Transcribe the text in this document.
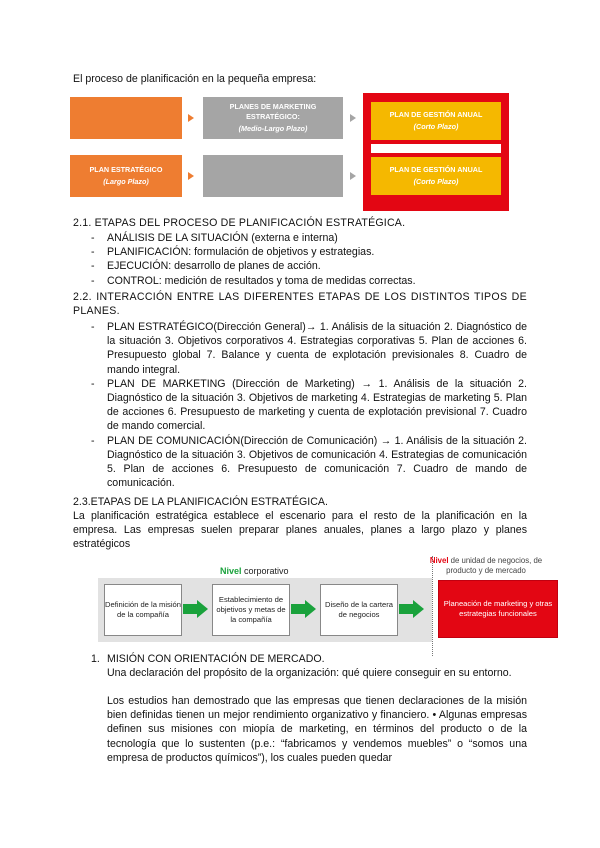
El proceso de planificación en la pequeña empresa:
PLANES DE MARKETING ESTRATÉGICO:
(Medio-Largo Plazo)
PLAN ESTRATÉGICO
(Largo Plazo)
PLAN DE GESTIÓN ANUAL
(Corto Plazo)
PLAN DE GESTIÓN ANUAL
(Corto Plazo)
2.1. ETAPAS DEL PROCESO DE PLANIFICACIÓN ESTRATÉGICA.
- ANÁLISIS DE LA SITUACIÓN (externa e interna)
- PLANIFICACIÓN: formulación de objetivos y estrategias.
- EJECUCIÓN: desarrollo de planes de acción.
- CONTROL: medición de resultados y toma de medidas correctas.
2.2. INTERACCIÓN ENTRE LAS DIFERENTES ETAPAS DE LOS DISTINTOS TIPOS DE PLANES.
- PLAN ESTRATÉGICO(Dirección General)→ 1. Análisis de la situación 2. Diagnóstico de la situación 3. Objetivos corporativos 4. Estrategias corporativas 5. Plan de acciones 6. Presupuesto global 7. Balance y cuenta de explotación previsionales 8. Cuadro de mando integral.
- PLAN DE MARKETING (Dirección de Marketing) → 1. Análisis de la situación 2. Diagnóstico de la situación 3. Objetivos de marketing 4. Estrategias de marketing 5. Plan de acciones 6. Presupuesto de marketing y cuenta de explotación previsional 7. Cuadro de mando comercial.
- PLAN DE COMUNICACIÓN(Dirección de Comunicación) → 1. Análisis de la situación 2. Diagnóstico de la situación 3. Objetivos de comunicación 4. Estrategias de comunicación 5. Plan de acciones 6. Presupuesto de comunicación 7. Cuadro de mando de comunicación.
2.3.ETAPAS DE LA PLANIFICACIÓN ESTRATÉGICA.
La planificación estratégica establece el escenario para el resto de la planificación en la empresa. Las empresas suelen preparar planes anuales, planes a largo plazo y planes estratégicos
Nivel corporativo
Nivel de unidad de negocios, de producto y de mercado
Definición de la misión de la compañía
Establecimiento de objetivos y metas de la compañía
Diseño de la cartera de negocios
Planeación de marketing y otras estrategias funcionales
1. MISIÓN CON ORIENTACIÓN DE MERCADO.
Una declaración del propósito de la organización: qué quiere conseguir en su entorno.
Los estudios han demostrado que las empresas que tienen declaraciones de la misión bien definidas tienen un mejor rendimiento organizativo y financiero. • Algunas empresas definen sus misiones con miopía de marketing, en términos del producto o de la tecnología que lo sustenten (p.e.: “fabricamos y vendemos muebles” o “somos una empresa de productos químicos”), los cuales pueden quedar
